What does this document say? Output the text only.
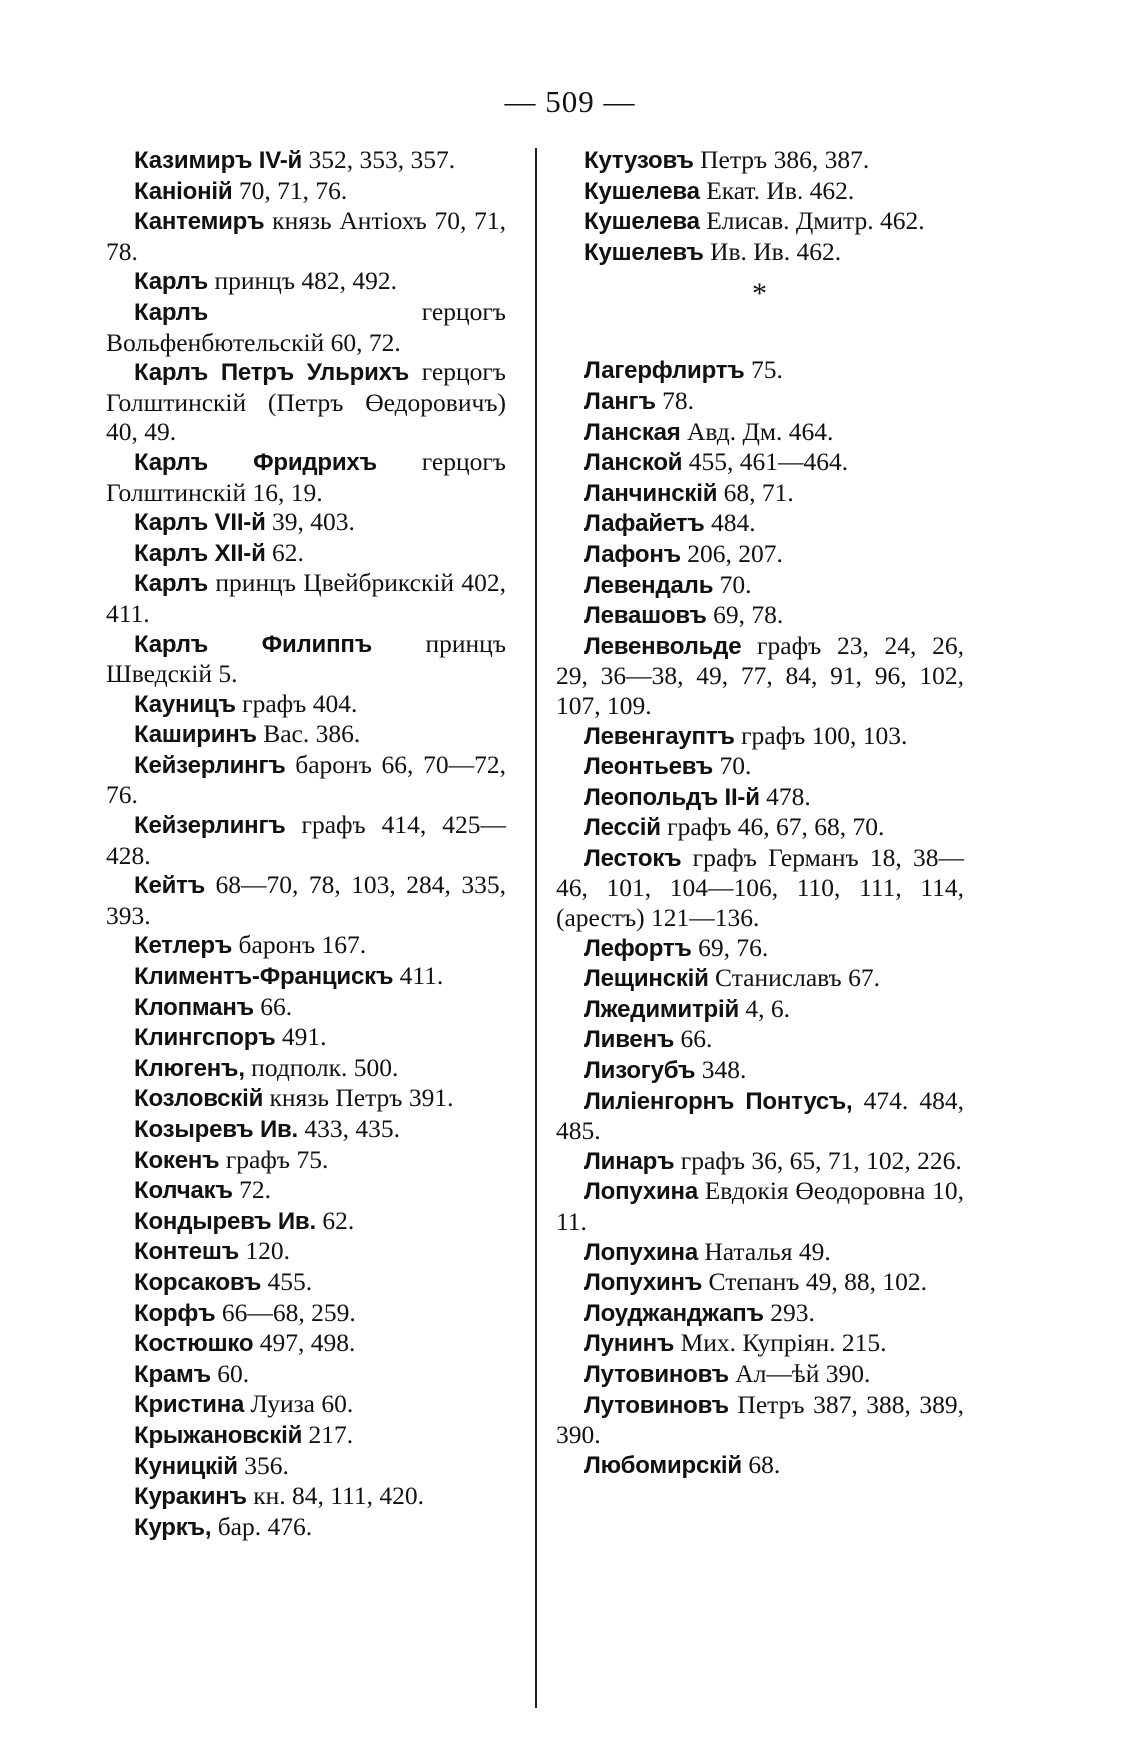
— 509 —

Казимиръ IV-й 352, 353, 357.

Каніоній 70, 71, 76.

Кантемиръ князь Антіохъ 70, 71, 78.

Карлъ принцъ 482, 492.

Карлъ герцогъ Вольфенбютельскій 60, 72.

Карлъ Петръ Ульрихъ герцогъ Голштинскій (Петръ Өедоровичъ) 40, 49.

Карлъ Фридрихъ герцогъ Голштинскій 16, 19.

Карлъ VII-й 39, 403.

Карлъ XII-й 62.

Карлъ принцъ Цвейбрикскій 402, 411.

Карлъ Филиппъ принцъ Шведскій 5.

Кауницъ графъ 404.

Каширинъ Вас. 386.

Кейзерлингъ баронъ 66, 70—72, 76.

Кейзерлингъ графъ 414, 425—428.

Кейтъ 68—70, 78, 103, 284, 335, 393.

Кетлеръ баронъ 167.

Климентъ-Францискъ 411.

Клопманъ 66.

Клингспоръ 491.

Клюгенъ, подполк. 500.

Козловскій князь Петръ 391.

Козыревъ Ив. 433, 435.

Кокенъ графъ 75.

Колчакъ 72.

Кондыревъ Ив. 62.

Контешъ 120.

Корсаковъ 455.

Корфъ 66—68, 259.

Костюшко 497, 498.

Крамъ 60.

Кристина Луиза 60.

Крыжановскій 217.

Куницкій 356.

Куракинъ кн. 84, 111, 420.

Куркъ, бар. 476.

Кутузовъ Петръ 386, 387.

Кушелева Екат. Ив. 462.

Кушелева Елисав. Дмитр. 462.

Кушелевъ Ив. Ив. 462.

*

Лагерфлиртъ 75.

Лангъ 78.

Ланская Авд. Дм. 464.

Ланской 455, 461—464.

Ланчинскій 68, 71.

Лафайетъ 484.

Лафонъ 206, 207.

Левендаль 70.

Левашовъ 69, 78.

Левенвольде графъ 23, 24, 26, 29, 36—38, 49, 77, 84, 91, 96, 102, 107, 109.

Левенгауптъ графъ 100, 103.

Леонтьевъ 70.

Леопольдъ II-й 478.

Лессій графъ 46, 67, 68, 70.

Лестокъ графъ Германъ 18, 38—46, 101, 104—106, 110, 111, 114, (арестъ) 121—136.

Лефортъ 69, 76.

Лещинскій Станиславъ 67.

Лжедимитрій 4, 6.

Ливенъ 66.

Лизогубъ 348.

Лиліенгорнъ Понтусъ, 474. 484, 485.

Линаръ графъ 36, 65, 71, 102, 226.

Лопухина Евдокія Өеодоровна 10, 11.

Лопухина Наталья 49.

Лопухинъ Степанъ 49, 88, 102.

Лоуджанджапъ 293.

Лунинъ Мих. Купріян. 215.

Лутовиновъ Ал—ѣй 390.

Лутовиновъ Петръ 387, 388, 389, 390.

Любомирскій 68.
